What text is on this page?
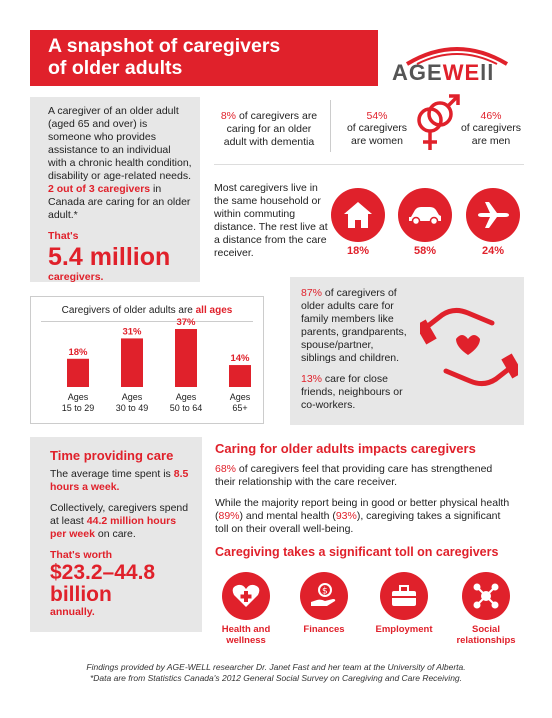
A snapshot of caregivers
of older adults	AGEWEll
A caregiver of an older adult (aged 65 and over) is someone who provides assistance to an individual with a chronic health condition, disability or age-related needs.
2 out of 3 caregivers in Canada are caring for an older adult.*
That's
5.4 million
caregivers.
8% of caregivers are caring for an older adult with dementia
54%
of caregivers are women
46%
of caregivers are men
Most caregivers live in the same household or within commuting distance. The rest live at a distance from the care receiver.	18%	58%	24%
87% of caregivers of older adults care for family members like parents, grandparents, spouse/partner, siblings and children.
13% care for close friends, neighbours or co-workers.
Caregivers of older adults are all ages
18%
Ages
15 to 29
31%
Ages
30 to 49
37%
Ages
50 to 64
14%
Ages
65+
Time providing care
The average time spent is 8.5 hours a week.
Collectively, caregivers spend at least 44.2 million hours per week on care.
That's worth
$23.2–44.8 billion
annually.
Caring for older adults impacts caregivers
68% of caregivers feel that providing care has strengthened their relationship with the care receiver.
While the majority report being in good or better physical health (89%) and mental health (93%), caregiving takes a significant toll on their overall well-being.
Caregiving takes a significant toll on caregivers
Health and
wellness
$
Finances	Employment	Social
relationships
Findings provided by AGE-WELL researcher Dr. Janet Fast and her team at the University of Alberta.
*Data are from Statistics Canada's 2012 General Social Survey on Caregiving and Care Receiving.
